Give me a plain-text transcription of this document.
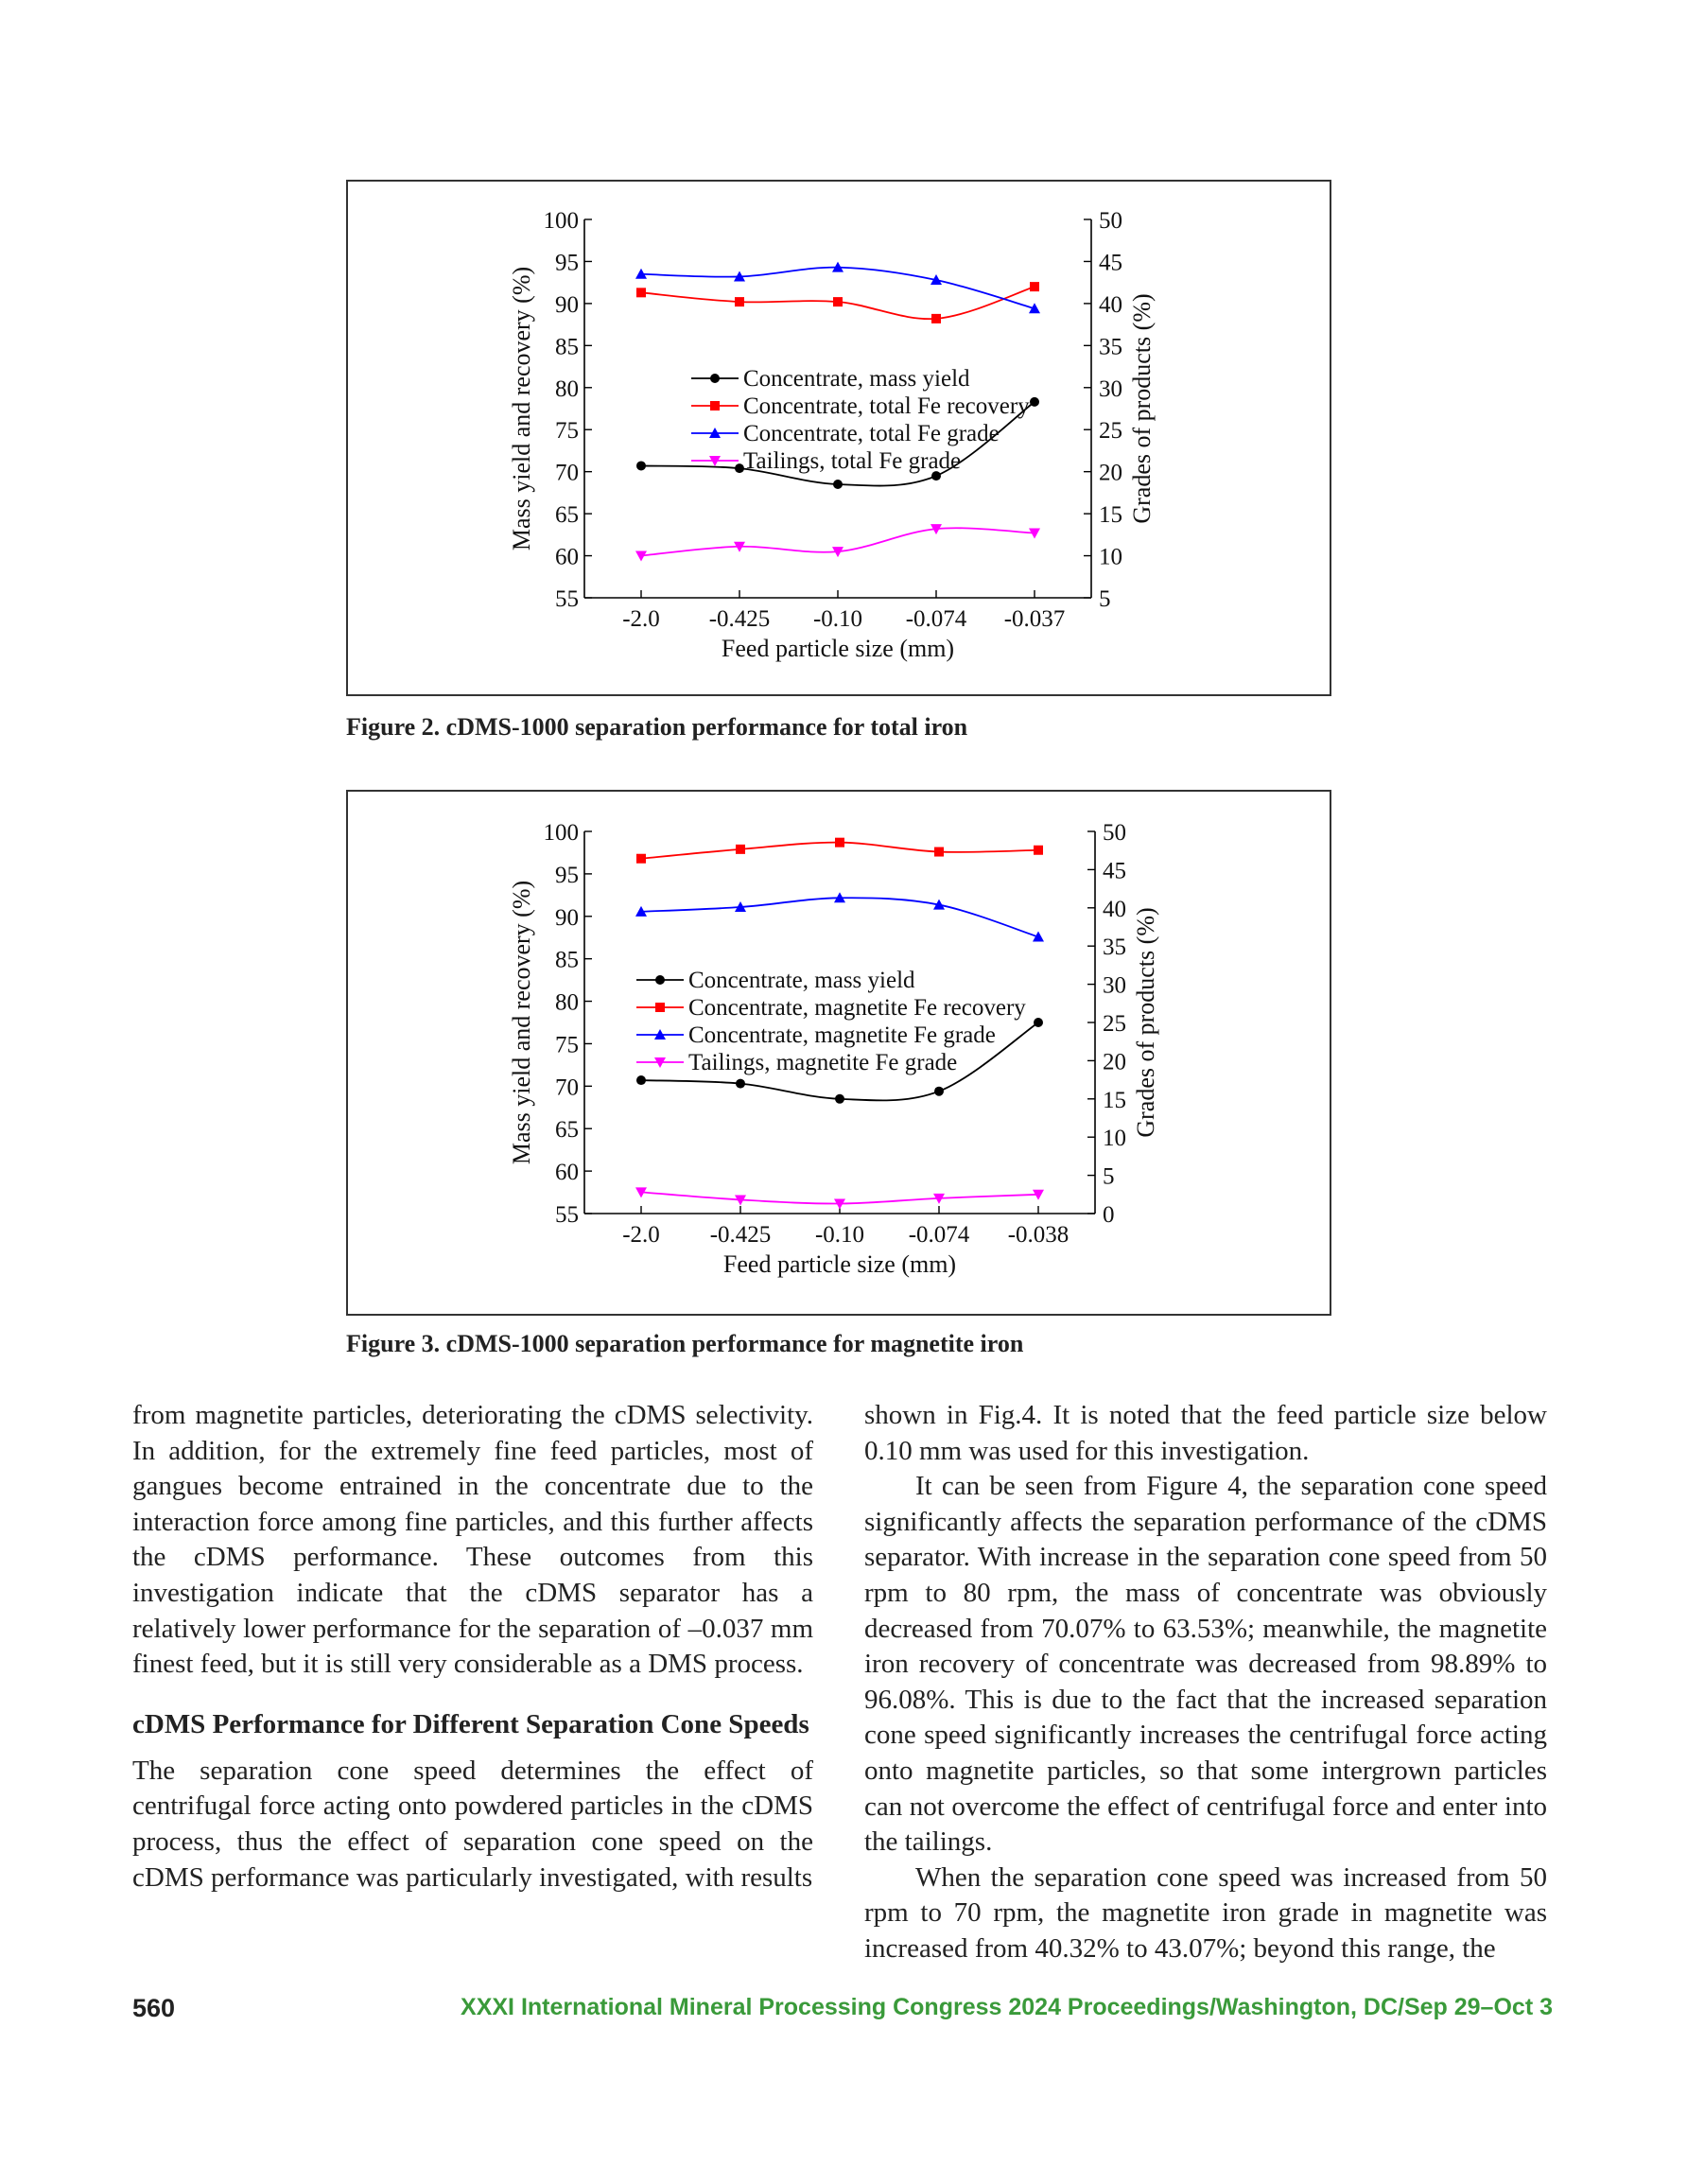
55
60
65
70
75
80
85
90
95
100
5
10
15
20
25
30
35
40
45
50
-2.0 -0.425 -0.10 -0.074 -0.037
Feed particle size (mm)
Mass yield and recovery (%)	Grades of products (%)
Concentrate, mass yield
Concentrate, total Fe recovery
Concentrate, total Fe grade
Tailings, total Fe grade
Figure 2. cDMS-1000 separation performance for total iron
55
60
65
70
75
80
85
90
95
100
0
5
10
15
20
25
30
35
40
45
50
-2.0 -0.425 -0.10 -0.074 -0.038
Feed particle size (mm)
Mass yield and recovery (%)	Grades of products (%)
Concentrate, mass yield
Concentrate, magnetite Fe recovery
Concentrate, magnetite Fe grade
Tailings, magnetite Fe grade
Figure 3. cDMS-1000 separation performance for magnetite iron

from magnetite particles, deteriorating the cDMS selectivity. In addition, for the extremely fine feed particles, most of gangues become entrained in the concentrate due to the interaction force among fine particles, and this further affects the cDMS performance. These outcomes from this investigation indicate that the cDMS separator has a relatively lower performance for the separation of –0.037 mm finest feed, but it is still very considerable as a DMS process.

cDMS Performance for Different Separation Cone Speeds

The separation cone speed determines the effect of centrifugal force acting onto powdered particles in the cDMS process, thus the effect of separation cone speed on the cDMS performance was particularly investigated, with results

shown in Fig.4. It is noted that the feed particle size below 0.10 mm was used for this investigation.

It can be seen from Figure 4, the separation cone speed significantly affects the separation performance of the cDMS separator. With increase in the separation cone speed from 50 rpm to 80 rpm, the mass of concentrate was obviously decreased from 70.07% to 63.53%; meanwhile, the magnetite iron recovery of concentrate was decreased from 98.89% to 96.08%. This is due to the fact that the increased separation cone speed significantly increases the centrifugal force acting onto magnetite particles, so that some intergrown particles can not overcome the effect of centrifugal force and enter into the tailings.

When the separation cone speed was increased from 50 rpm to 70 rpm, the magnetite iron grade in magnetite was increased from 40.32% to 43.07%; beyond this range, the

560	XXXI International Mineral Processing Congress 2024 Proceedings/Washington, DC/Sep 29–Oct 3
